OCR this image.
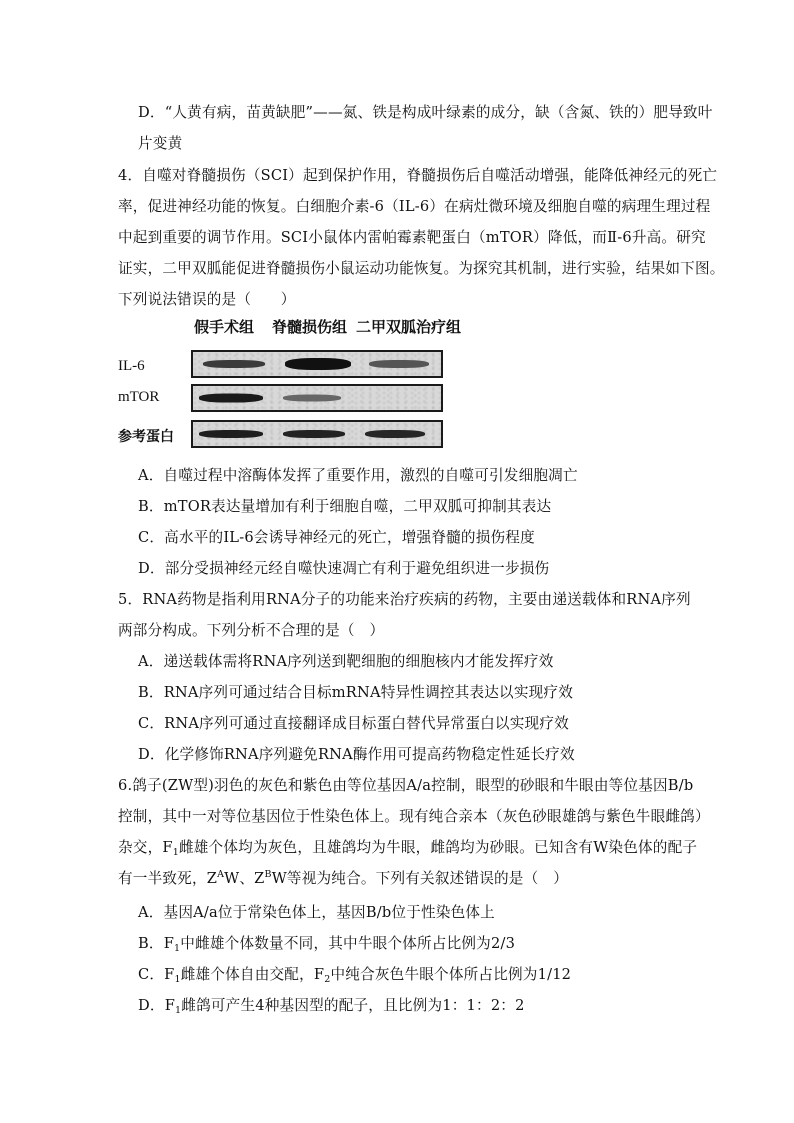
D．“人黄有病，苗黄缺肥”——氮、铁是构成叶绿素的成分，缺（含氮、铁的）肥导致叶
片变黄
4．自噬对脊髓损伤（SCI）起到保护作用，脊髓损伤后自噬活动增强，能降低神经元的死亡
率，促进神经功能的恢复。白细胞介素-6（IL-6）在病灶微环境及细胞自噬的病理生理过程
中起到重要的调节作用。SCI小鼠体内雷帕霉素靶蛋白（mTOR）降低，而Ⅱ-6升高。研究
证实，二甲双胍能促进脊髓损伤小鼠运动功能恢复。为探究其机制，进行实验，结果如下图。
下列说法错误的是（　　）
假手术组 脊髓损伤组 二甲双胍治疗组
IL-6
mTOR
参考蛋白
A．自噬过程中溶酶体发挥了重要作用，激烈的自噬可引发细胞凋亡
B．mTOR表达量增加有利于细胞自噬，二甲双胍可抑制其表达
C．高水平的IL-6会诱导神经元的死亡，增强脊髓的损伤程度
D．部分受损神经元经自噬快速凋亡有利于避免组织进一步损伤
5．RNA药物是指利用RNA分子的功能来治疗疾病的药物，主要由递送载体和RNA序列
两部分构成。下列分析不合理的是（　）
A．递送载体需将RNA序列送到靶细胞的细胞核内才能发挥疗效
B．RNA序列可通过结合目标mRNA特异性调控其表达以实现疗效
C．RNA序列可通过直接翻译成目标蛋白替代异常蛋白以实现疗效
D．化学修饰RNA序列避免RNA酶作用可提高药物稳定性延长疗效
6.鸽子(ZW型)羽色的灰色和紫色由等位基因A/a控制，眼型的砂眼和牛眼由等位基因B/b
控制，其中一对等位基因位于性染色体上。现有纯合亲本（灰色砂眼雄鸽与紫色牛眼雌鸽）
杂交，$F_1$雌雄个体均为灰色，且雄鸽均为牛眼，雌鸽均为砂眼。已知含有W染色体的配子
有一半致死，$Z^AW$、$Z^BW$等视为纯合。下列有关叙述错误的是（　）
A．基因A/a位于常染色体上，基因B/b位于性染色体上
B．$F_1$中雌雄个体数量不同，其中牛眼个体所占比例为2/3
C．$F_1$雌雄个体自由交配，$F_2$中纯合灰色牛眼个体所占比例为1/12
D．$F_1$雌鸽可产生4种基因型的配子，且比例为1：1：2：2
